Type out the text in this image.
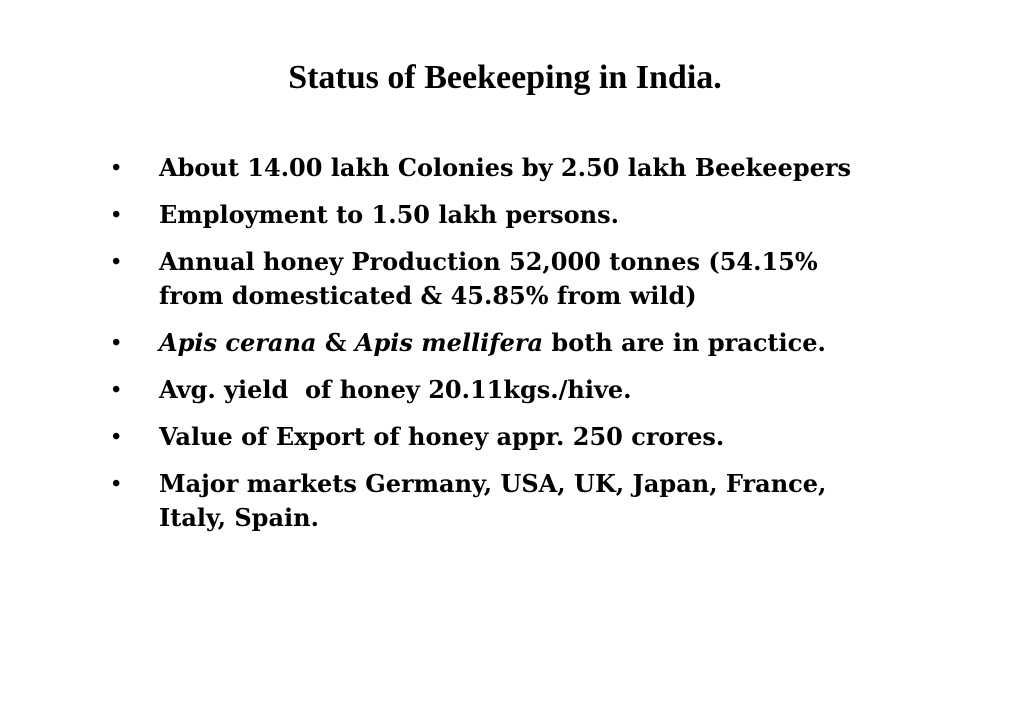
Status of Beekeeping in India.
• About 14.00 lakh Colonies by 2.50 lakh Beekeepers
• Employment to 1.50 lakh persons.
• Annual honey Production 52,000 tonnes (54.15%
from domesticated & 45.85% from wild)
• Apis cerana & Apis mellifera both are in practice.
• Avg. yield  of honey 20.11kgs./hive.
• Value of Export of honey appr. 250 crores.
• Major markets Germany, USA, UK, Japan, France,
Italy, Spain.
